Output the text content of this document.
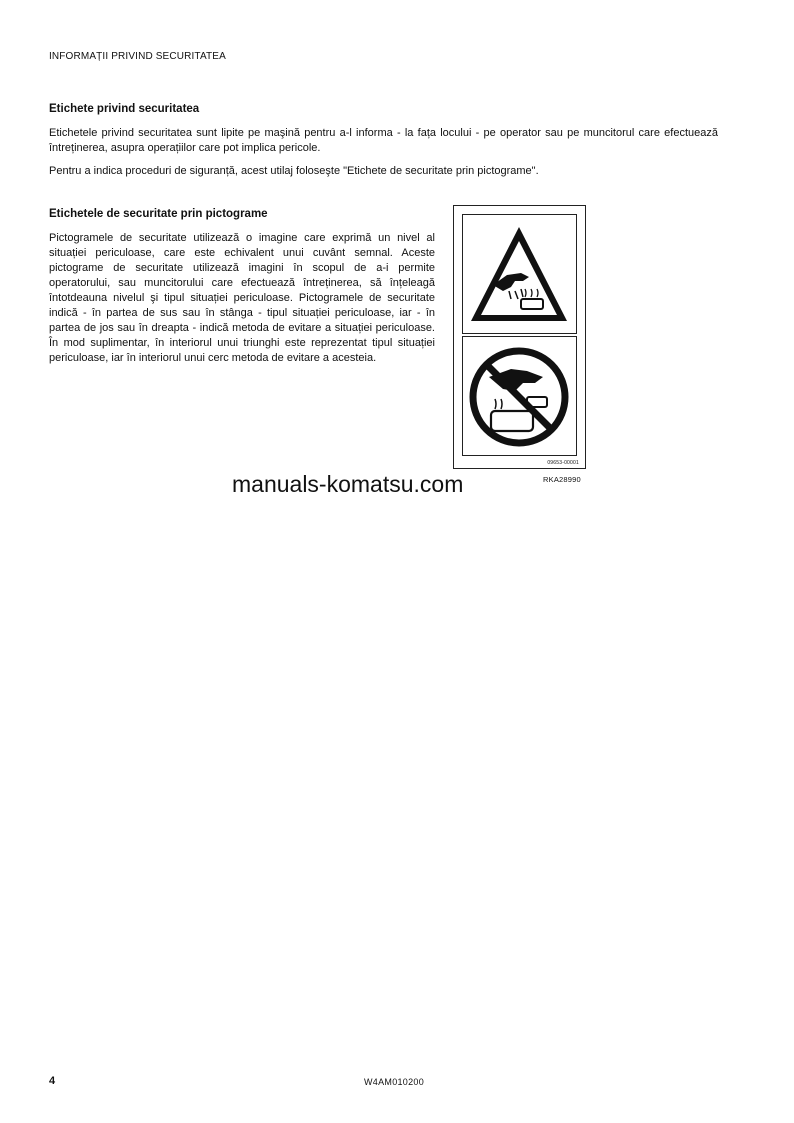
INFORMAȚII PRIVIND SECURITATEA
Etichete privind securitatea

Etichetele privind securitatea sunt lipite pe maşină pentru a-l informa - la fața locului - pe operator sau pe muncitorul care efectuează întreținerea, asupra operațiilor care pot implica pericole.

Pentru a indica proceduri de siguranță, acest utilaj foloseşte "Etichete de securitate prin pictograme".

Etichetele de securitate prin pictograme

Pictogramele de securitate utilizează o imagine care exprimă un nivel al situației periculoase, care este echivalent unui cuvânt semnal. Aceste pictograme de securitate utilizează imagini în scopul de a-i permite operatorului, sau muncitorului care efectuează întreținerea, să înțeleagă întotdeauna nivelul şi tipul situației periculoase. Pictogramele de securitate indică - în partea de sus sau în stânga - tipul situației periculoase, iar - în partea de jos sau în dreapta - indică metoda de evitare a situației periculoase. În mod suplimentar, în interiorul unui triunghi este reprezentat tipul situației periculoase, iar în interiorul unui cerc metoda de evitare a acesteia.

09653-00001
RKA28990
manuals-komatsu.com
4	W4AM010200
